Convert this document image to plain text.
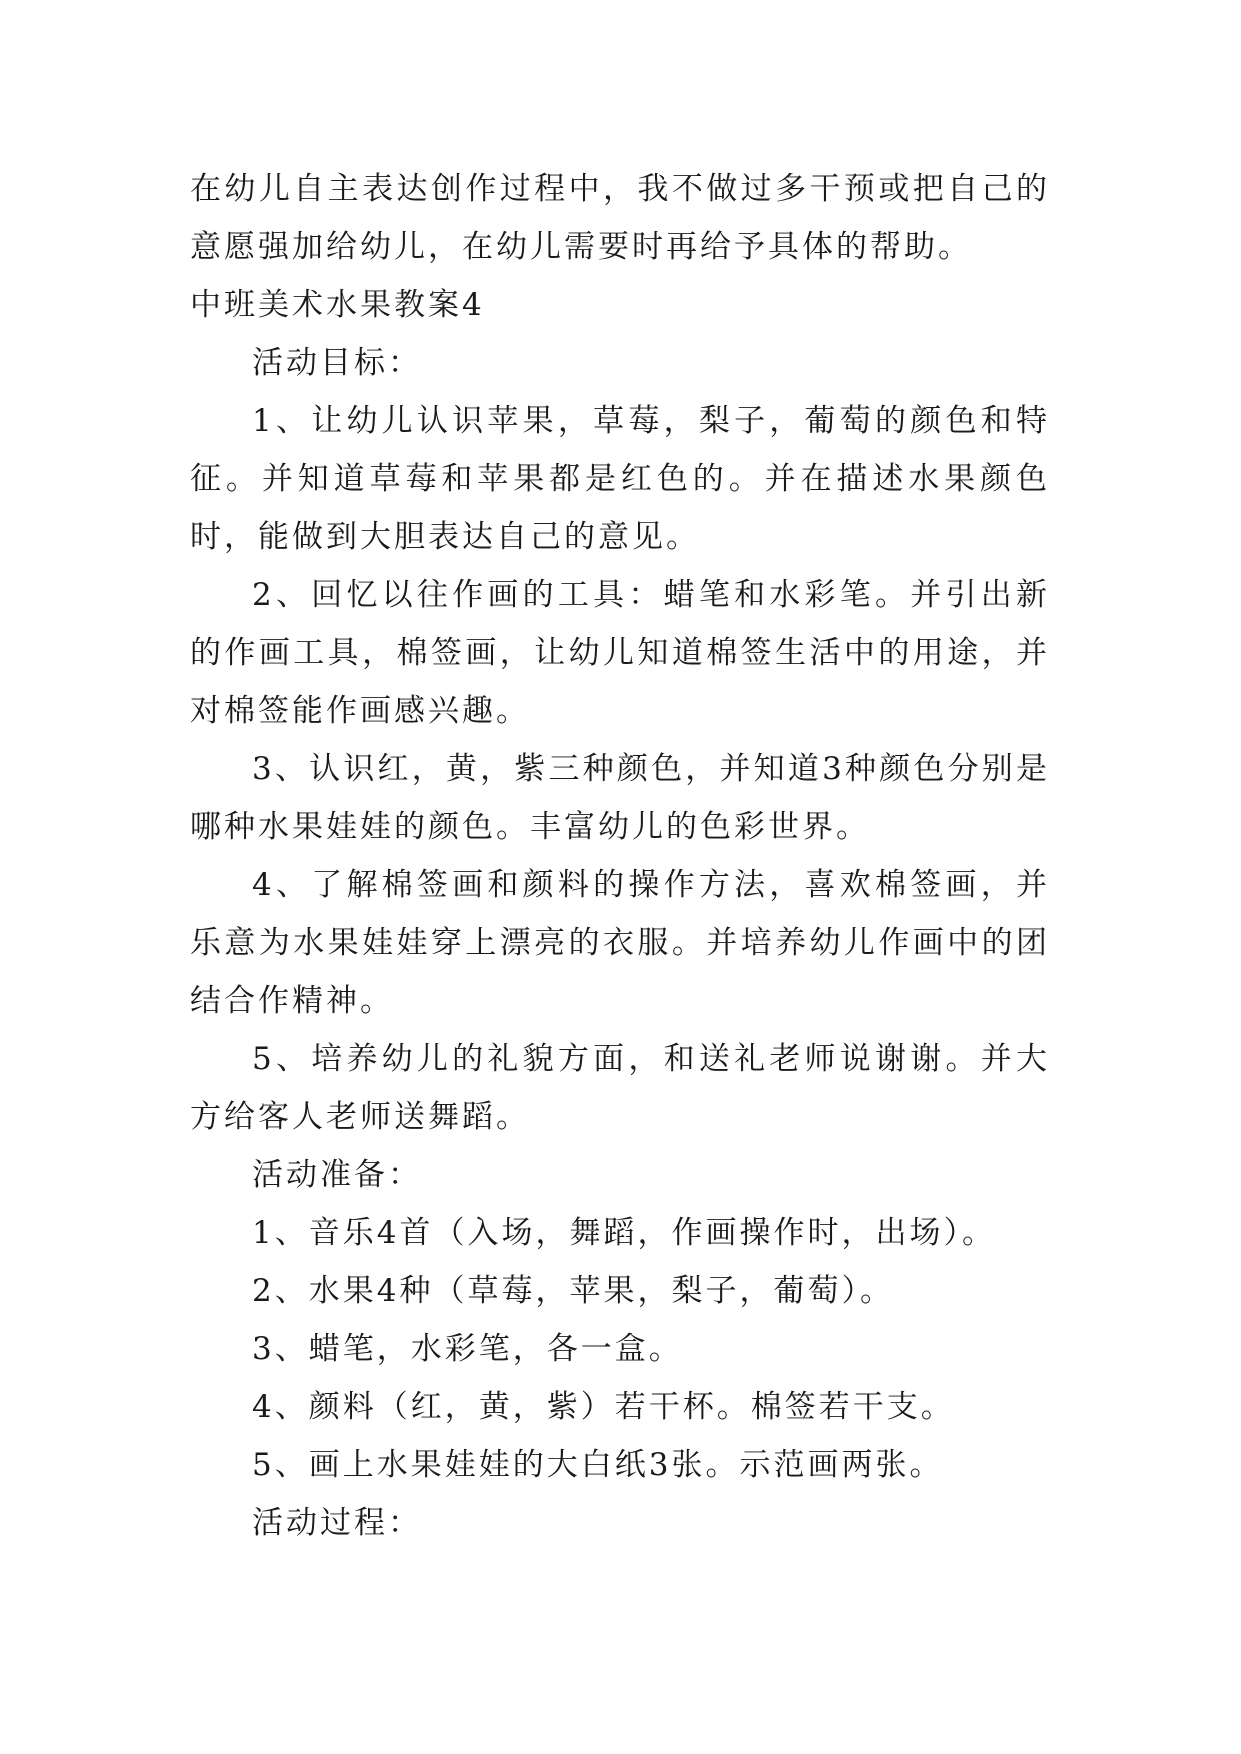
在幼儿自主表达创作过程中，我不做过多干预或把自己的意愿强加给幼儿，在幼儿需要时再给予具体的帮助。

中班美术水果教案4

活动目标：

1、让幼儿认识苹果，草莓，梨子，葡萄的颜色和特征。并知道草莓和苹果都是红色的。并在描述水果颜色时，能做到大胆表达自己的意见。

2、回忆以往作画的工具：蜡笔和水彩笔。并引出新的作画工具，棉签画，让幼儿知道棉签生活中的用途，并对棉签能作画感兴趣。

3、认识红，黄，紫三种颜色，并知道3种颜色分别是哪种水果娃娃的颜色。丰富幼儿的色彩世界。

4、了解棉签画和颜料的操作方法，喜欢棉签画，并乐意为水果娃娃穿上漂亮的衣服。并培养幼儿作画中的团结合作精神。

5、培养幼儿的礼貌方面，和送礼老师说谢谢。并大方给客人老师送舞蹈。

活动准备：

1、音乐4首（入场，舞蹈，作画操作时，出场）。

2、水果4种（草莓，苹果，梨子，葡萄）。

3、蜡笔，水彩笔，各一盒。

4、颜料（红，黄，紫）若干杯。棉签若干支。

5、画上水果娃娃的大白纸3张。示范画两张。

活动过程：
